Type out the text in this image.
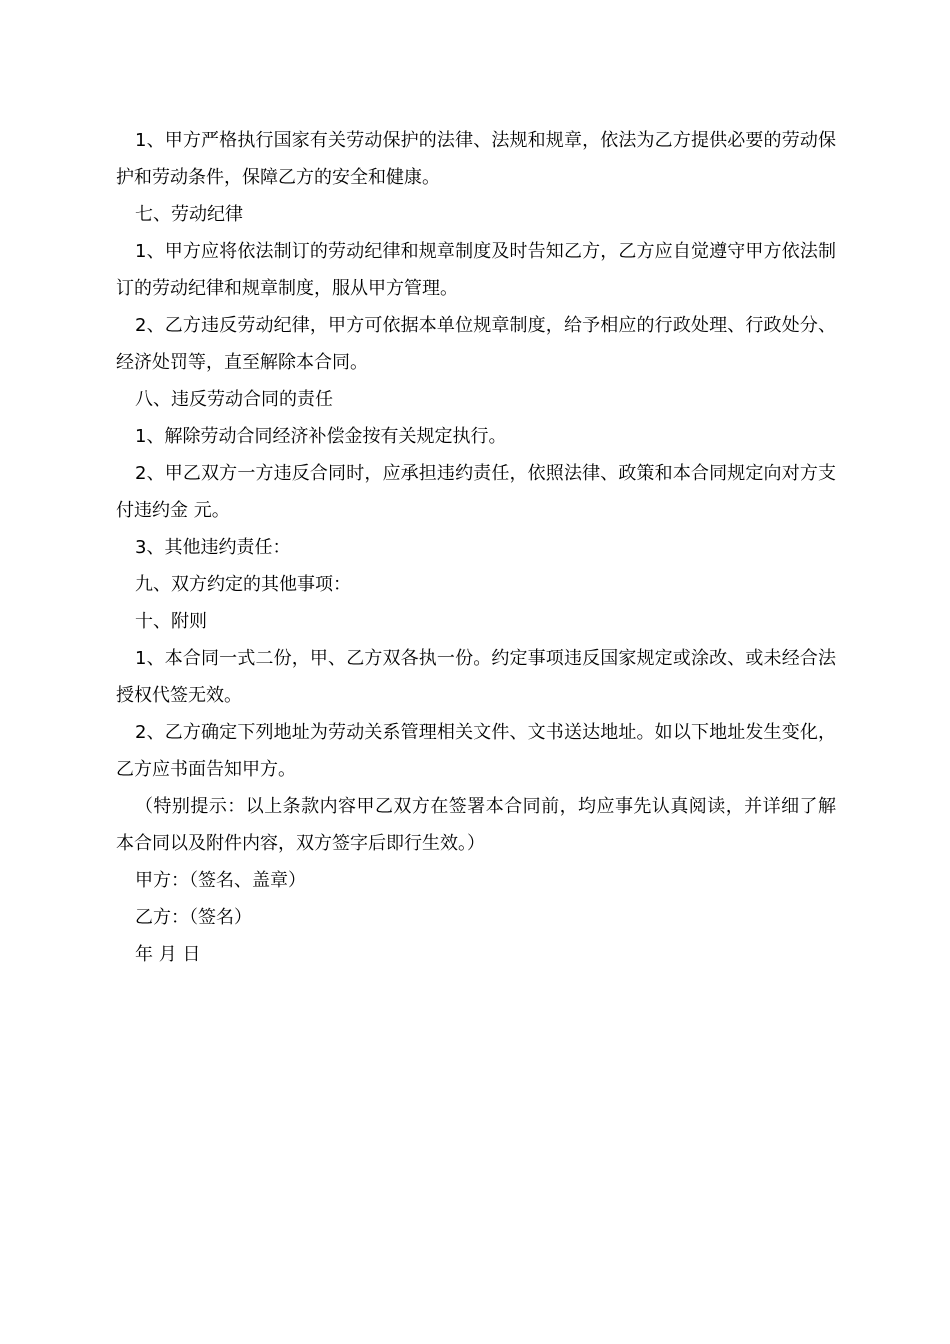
1、甲方严格执行国家有关劳动保护的法律、法规和规章，依法为乙方提供必要的劳动保护和劳动条件，保障乙方的安全和健康。

七、劳动纪律

1、甲方应将依法制订的劳动纪律和规章制度及时告知乙方，乙方应自觉遵守甲方依法制订的劳动纪律和规章制度，服从甲方管理。

2、乙方违反劳动纪律，甲方可依据本单位规章制度，给予相应的行政处理、行政处分、经济处罚等，直至解除本合同。

八、违反劳动合同的责任

1、解除劳动合同经济补偿金按有关规定执行。

2、甲乙双方一方违反合同时，应承担违约责任，依照法律、政策和本合同规定向对方支付违约金 元。

3、其他违约责任：

九、双方约定的其他事项：

十、附则

1、本合同一式二份，甲、乙方双各执一份。约定事项违反国家规定或涂改、或未经合法授权代签无效。

2、乙方确定下列地址为劳动关系管理相关文件、文书送达地址。如以下地址发生变化，乙方应书面告知甲方。

（特别提示：以上条款内容甲乙双方在签署本合同前，均应事先认真阅读，并详细了解本合同以及附件内容，双方签字后即行生效。）

甲方：（签名、盖章）

乙方：（签名）

年 月 日
